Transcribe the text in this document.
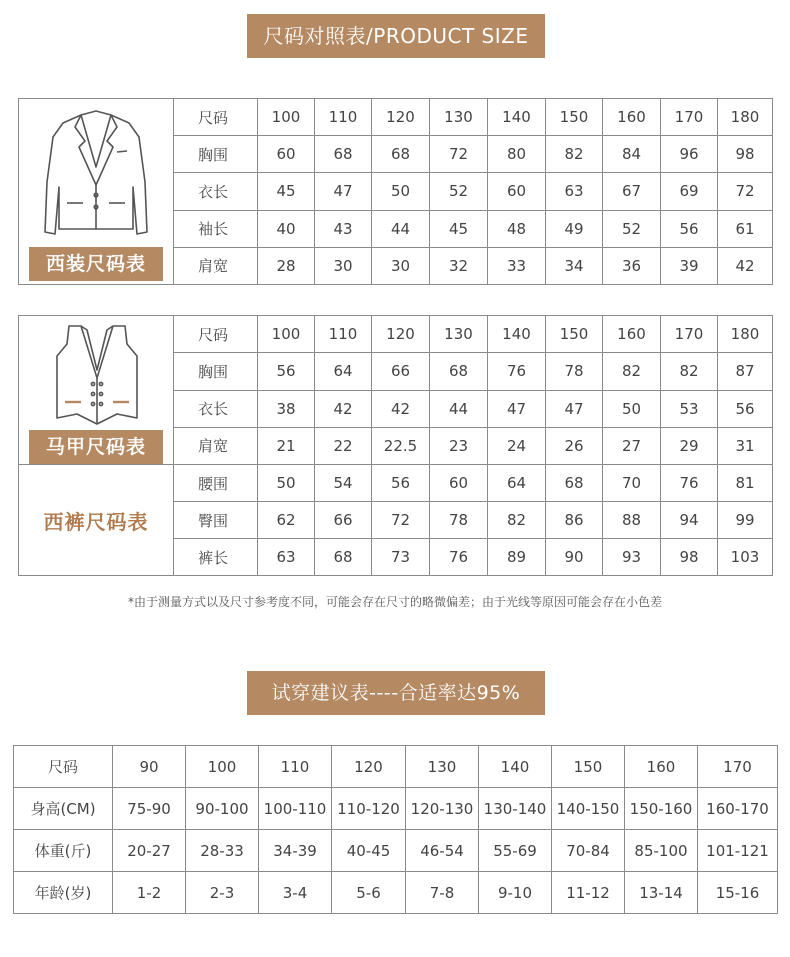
尺码对照表/PRODUCT SIZE
西装尺码表	尺码	100	110	120	130	140	150	160	170	180
	胸围	60	68	68	72	80	82	84	96	98
	衣长	45	47	50	52	60	63	67	69	72
	袖长	40	43	44	45	48	49	52	56	61
	肩宽	28	30	30	32	33	34	36	39	42
马甲尺码表	尺码	100	110	120	130	140	150	160	170	180
	胸围	56	64	66	68	76	78	82	82	87
	衣长	38	42	42	44	47	47	50	53	56
	肩宽	21	22	22.5	23	24	26	27	29	31
西裤尺码表	腰围	50	54	56	60	64	68	70	76	81
	臀围	62	66	72	78	82	86	88	94	99
	裤长	63	68	73	76	89	90	93	98	103
*由于测量方式以及尺寸参考度不同，可能会存在尺寸的略微偏差；由于光线等原因可能会存在小色差
试穿建议表----合适率达95%
尺码	90	100	110	120	130	140	150	160	170
身高(CM)	75-90	90-100	100-110	110-120	120-130	130-140	140-150	150-160	160-170
体重(斤)	20-27	28-33	34-39	40-45	46-54	55-69	70-84	85-100	101-121
年龄(岁)	1-2	2-3	3-4	5-6	7-8	9-10	11-12	13-14	15-16
